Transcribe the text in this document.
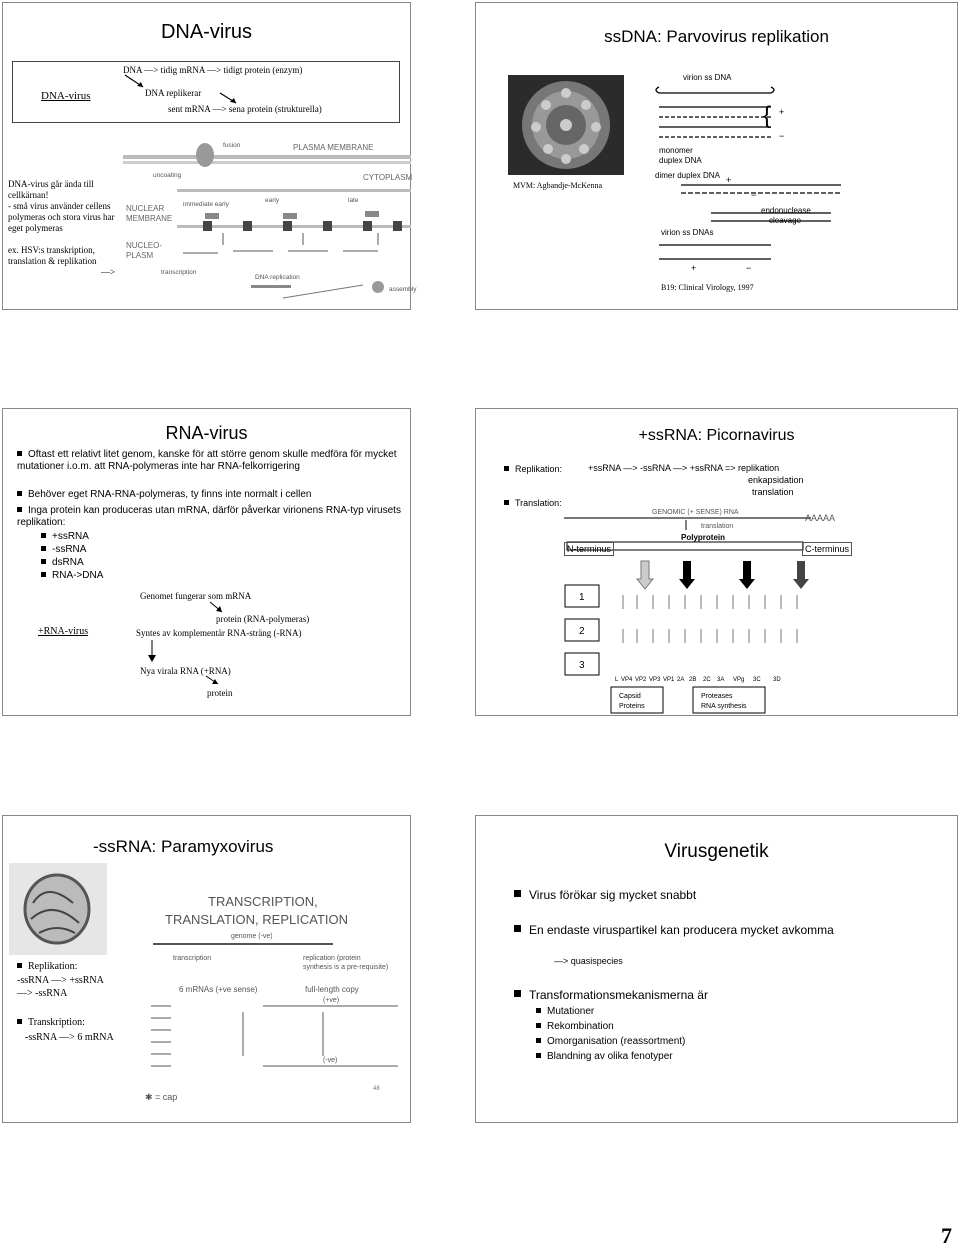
DNA-virus
DNA-virus
DNA —> tidig mRNA —> tidigt protein (enzym)
DNA replikerar
sent mRNA —> sena protein (strukturella)
DNA-virus går ända till cellkärnan!
- små virus använder cellens polymeras och stora virus har eget polymeras
ex. HSV:s transkription, translation & replikation
—>
fusion	PLASMA MEMBRANE
uncoating	CYTOPLASM
NUCLEAR
MEMBRANE
immediate early
early	late
NUCLEO-
PLASM
transcription
DNA replication
assembly
ssDNA: Parvovirus replikation
MVM: Agbandje-McKenna
virion ss DNA
monomer
duplex DNA
dimer duplex DNA
virion ss DNAs
endonuclease
cleavage
{ +
−
+
−
+	−
B19: Clinical Virology, 1997
RNA-virus
Oftast ett relativt litet genom, kanske för att större genom skulle medföra för mycket mutationer i.o.m. att RNA-polymeras inte har RNA-felkorrigering
Behöver eget RNA-RNA-polymeras, ty finns inte normalt i cellen
Inga protein kan produceras utan mRNA, därför påverkar virionens RNA-typ virusets replikation:
+ssRNA
-ssRNA
dsRNA
RNA->DNA
+RNA-virus
Genomet fungerar som mRNA
protein (RNA-polymeras)
Syntes av komplementär RNA-sträng (-RNA)
Nya virala RNA (+RNA)
protein
+ssRNA: Picornavirus
Replikation:
Translation:
+ssRNA —> -ssRNA —> +ssRNA => replikation
enkapsidation
translation
GENOMIC (+ SENSE) RNA
AAAAA
translation
Polyprotein
N-terminus	C-terminus
1
2
3
L VP4 VP2 VP3 VP1 2A 2B 2C 3A VPg 3C 3D
Capsid
Proteins
Proteases
RNA synthesis
-ssRNA: Paramyxovirus
Replikation:
-ssRNA —> +ssRNA
—> -ssRNA
Transkription:
-ssRNA —> 6 mRNA
TRANSCRIPTION,
TRANSLATION, REPLICATION
genome (-ve)
transcription	replication (protein
synthesis is a pre-requisite)
6 mRNAs (+ve sense)	full-length copy
(+ve)
(-ve)
✱ = cap
48
Virusgenetik
Virus förökar sig mycket snabbt
En endaste viruspartikel kan producera mycket avkomma
—> quasispecies
Transformationsmekanismerna är
Mutationer
Rekombination
Omorganisation (reassortment)
Blandning av olika fenotyper
7
